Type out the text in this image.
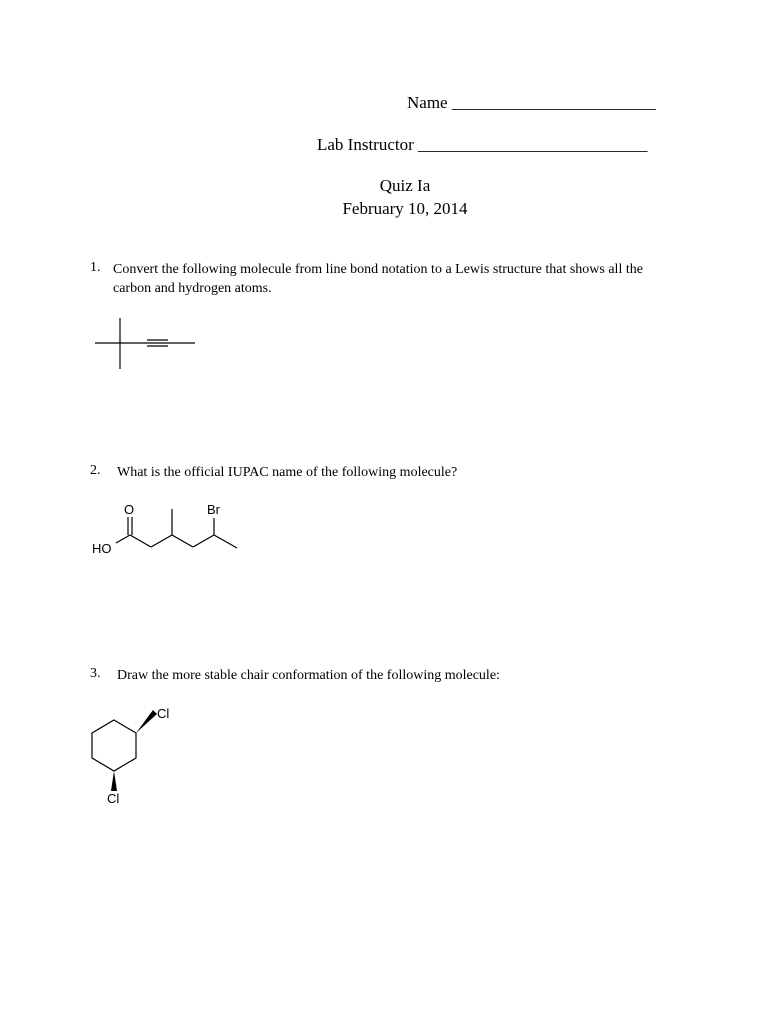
Name ________________________
Lab Instructor ___________________________
Quiz Ia
February 10, 2014
1. Convert the following molecule from line bond notation to a Lewis structure that shows all the carbon and hydrogen atoms.
2. What is the official IUPAC name of the following molecule?
O
HO
Br
3. Draw the more stable chair conformation of the following molecule:
Cl
Cl
